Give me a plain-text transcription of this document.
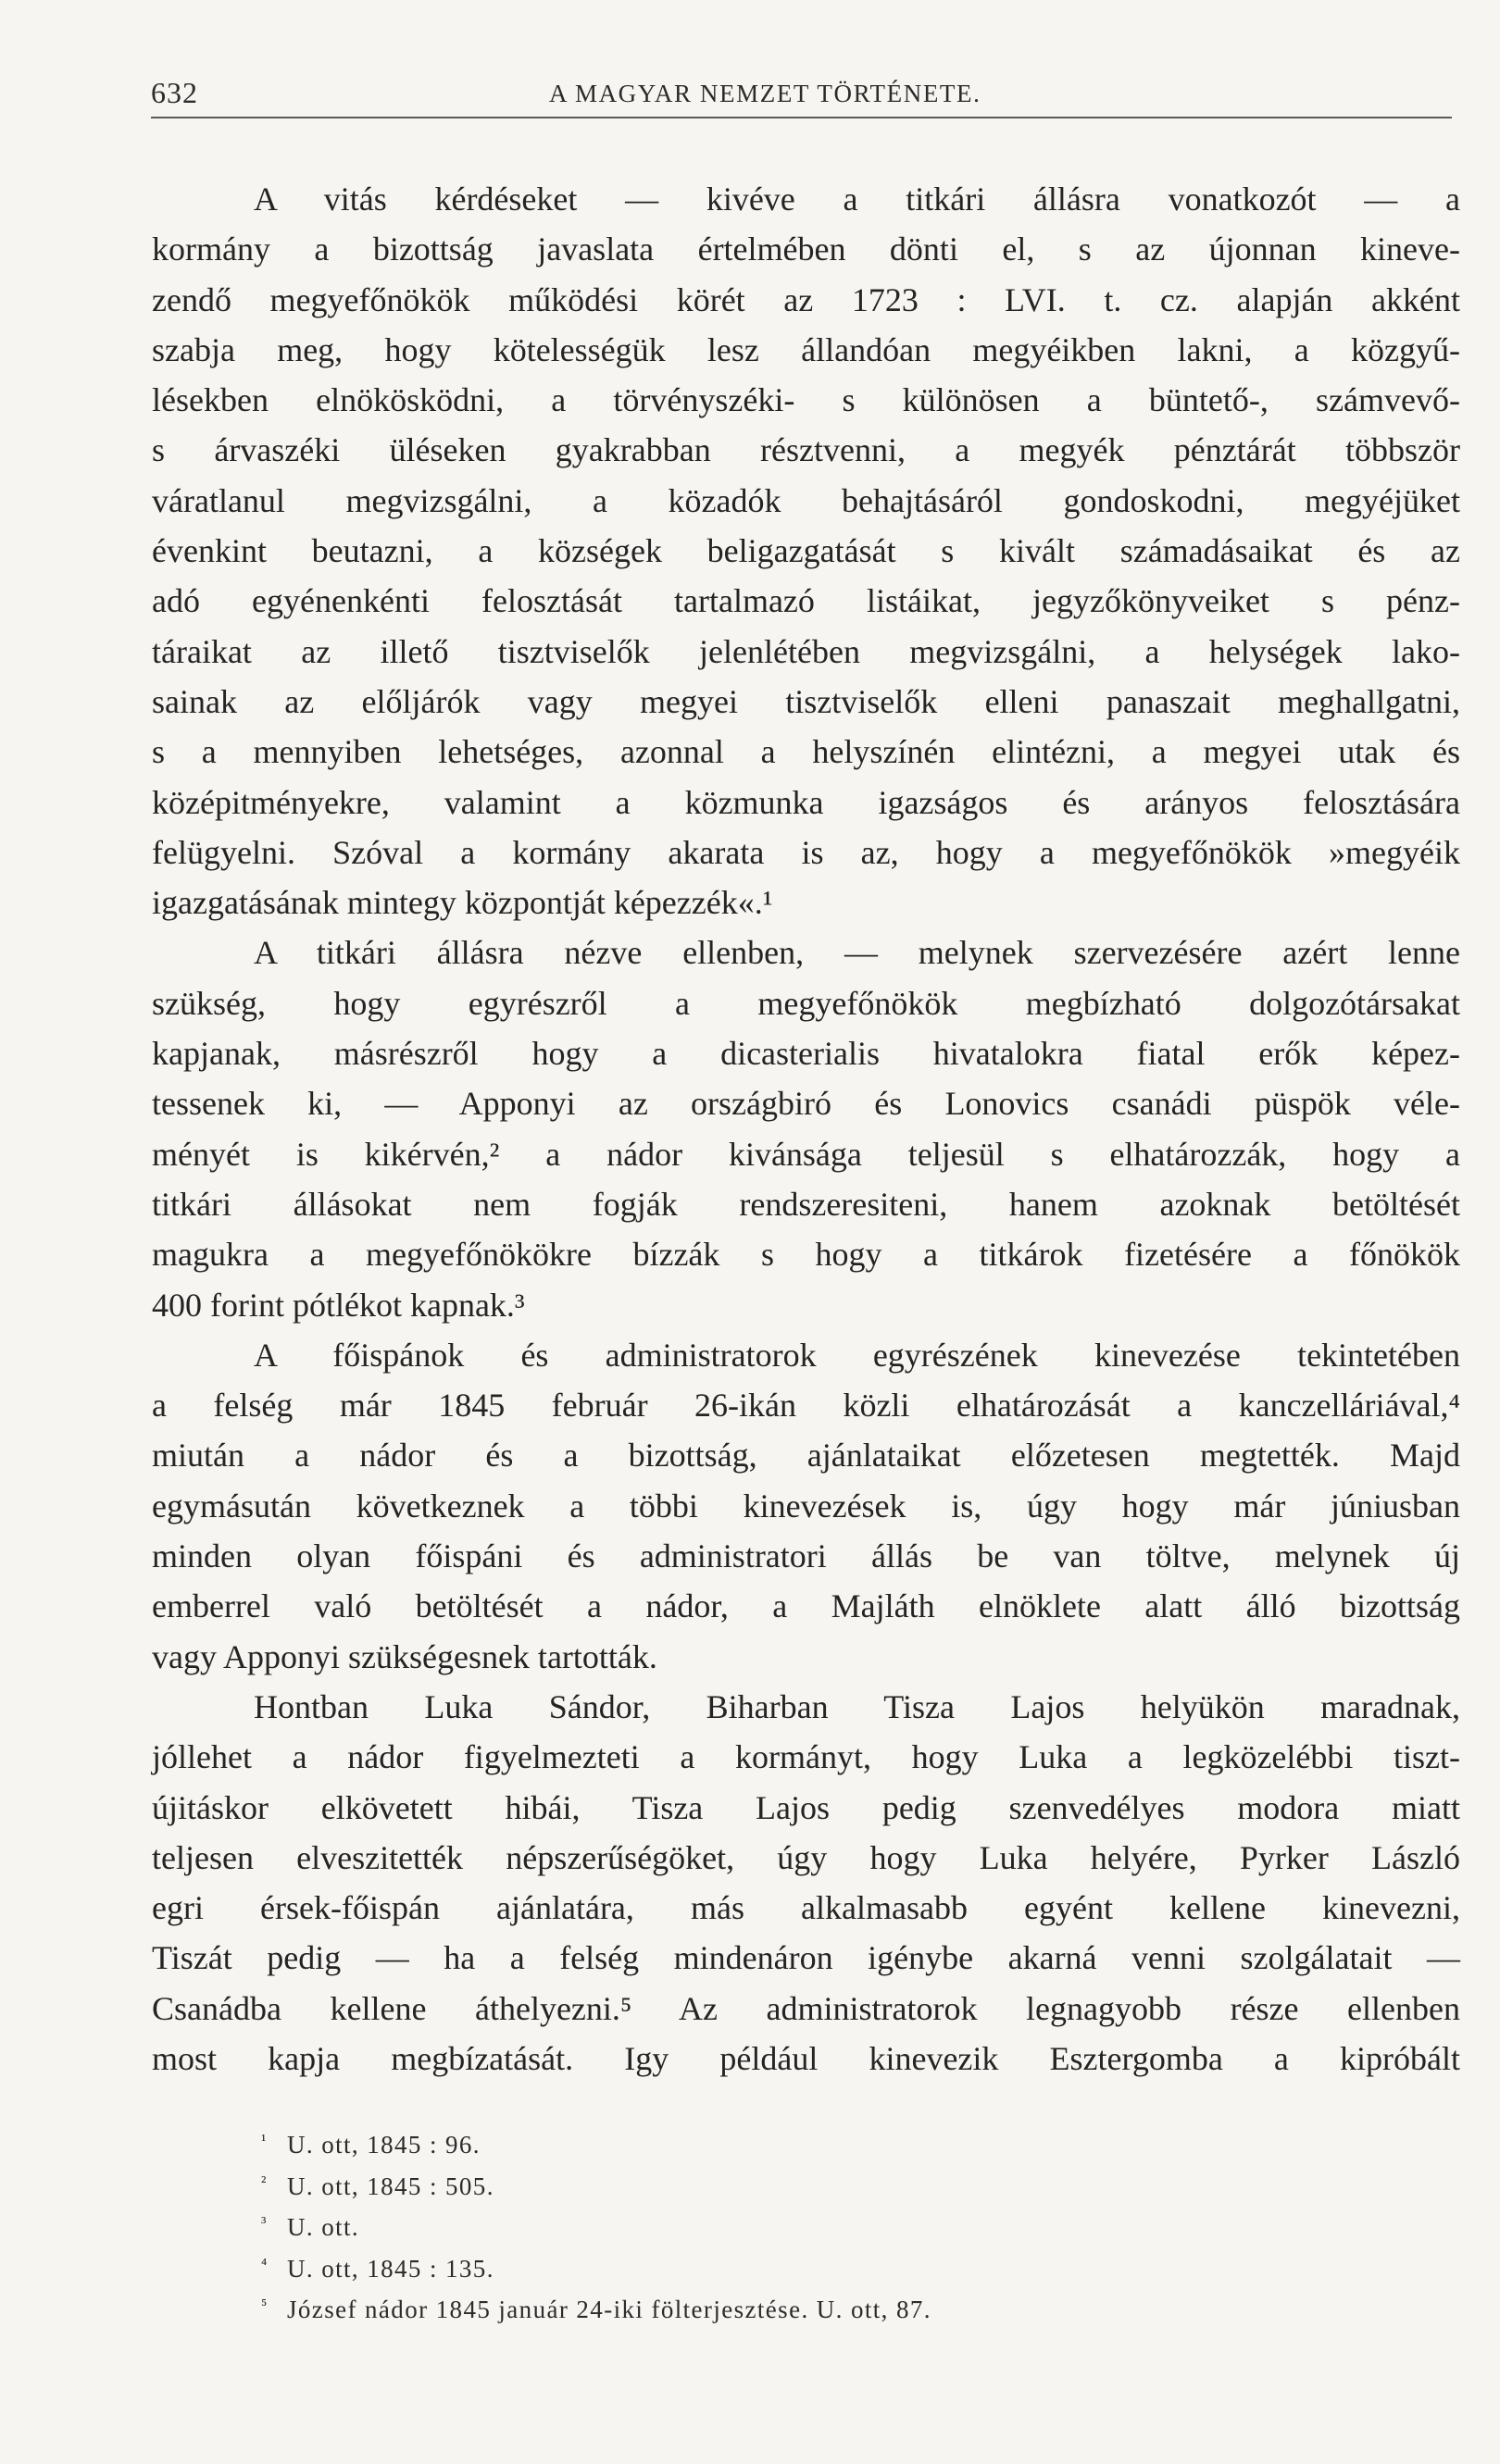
632	A MAGYAR NEMZET TÖRTÉNETE.
A vitás kérdéseket — kivéve a titkári állásra vonatkozót — a
kormány a bizottság javaslata értelmében dönti el, s az újonnan kineve-
zendő megyefőnökök működési körét az 1723 : LVI. t. cz. alapján akként
szabja meg, hogy kötelességük lesz állandóan megyéikben lakni, a közgyű-
lésekben elnökösködni, a törvényszéki- s különösen a büntető-, számvevő-
s árvaszéki üléseken gyakrabban résztvenni, a megyék pénztárát többször
váratlanul megvizsgálni, a közadók behajtásáról gondoskodni, megyéjüket
évenkint beutazni, a községek beligazgatását s kivált számadásaikat és az
adó egyénenkénti felosztását tartalmazó listáikat, jegyzőkönyveiket s pénz-
táraikat az illető tisztviselők jelenlétében megvizsgálni, a helységek lako-
sainak az előljárók vagy megyei tisztviselők elleni panaszait meghallgatni,
s a mennyiben lehetséges, azonnal a helyszínén elintézni, a megyei utak és
középitményekre, valamint a közmunka igazságos és arányos felosztására
felügyelni. Szóval a kormány akarata is az, hogy a megyefőnökök »megyéik
igazgatásának mintegy központját képezzék«.¹
A titkári állásra nézve ellenben, — melynek szervezésére azért lenne
szükség, hogy egyrészről a megyefőnökök megbízható dolgozótársakat
kapjanak, másrészről hogy a dicasterialis hivatalokra fiatal erők képez-
tessenek ki, — Apponyi az országbiró és Lonovics csanádi püspök véle-
ményét is kikérvén,² a nádor kivánsága teljesül s elhatározzák, hogy a
titkári állásokat nem fogják rendszeresiteni, hanem azoknak betöltését
magukra a megyefőnökökre bízzák s hogy a titkárok fizetésére a főnökök
400 forint pótlékot kapnak.³
A főispánok és administratorok egyrészének kinevezése tekintetében
a felség már 1845 február 26-ikán közli elhatározását a kanczelláriával,⁴
miután a nádor és a bizottság, ajánlataikat előzetesen megtették. Majd
egymásután következnek a többi kinevezések is, úgy hogy már júniusban
minden olyan főispáni és administratori állás be van töltve, melynek új
emberrel való betöltését a nádor, a Majláth elnöklete alatt álló bizottság
vagy Apponyi szükségesnek tartották.
Hontban Luka Sándor, Biharban Tisza Lajos helyükön maradnak,
jóllehet a nádor figyelmezteti a kormányt, hogy Luka a legközelébbi tiszt-
újitáskor elkövetett hibái, Tisza Lajos pedig szenvedélyes modora miatt
teljesen elveszitették népszerűségöket, úgy hogy Luka helyére, Pyrker László
egri érsek-főispán ajánlatára, más alkalmasabb egyént kellene kinevezni,
Tiszát pedig — ha a felség mindenáron igénybe akarná venni szolgálatait —
Csanádba kellene áthelyezni.⁵ Az administratorok legnagyobb része ellenben
most kapja megbízatását. Igy például kinevezik Esztergomba a kipróbált
¹ U. ott, 1845 : 96.
² U. ott, 1845 : 505.
³ U. ott.
⁴ U. ott, 1845 : 135.
⁵ József nádor 1845 január 24-iki fölterjesztése. U. ott, 87.
